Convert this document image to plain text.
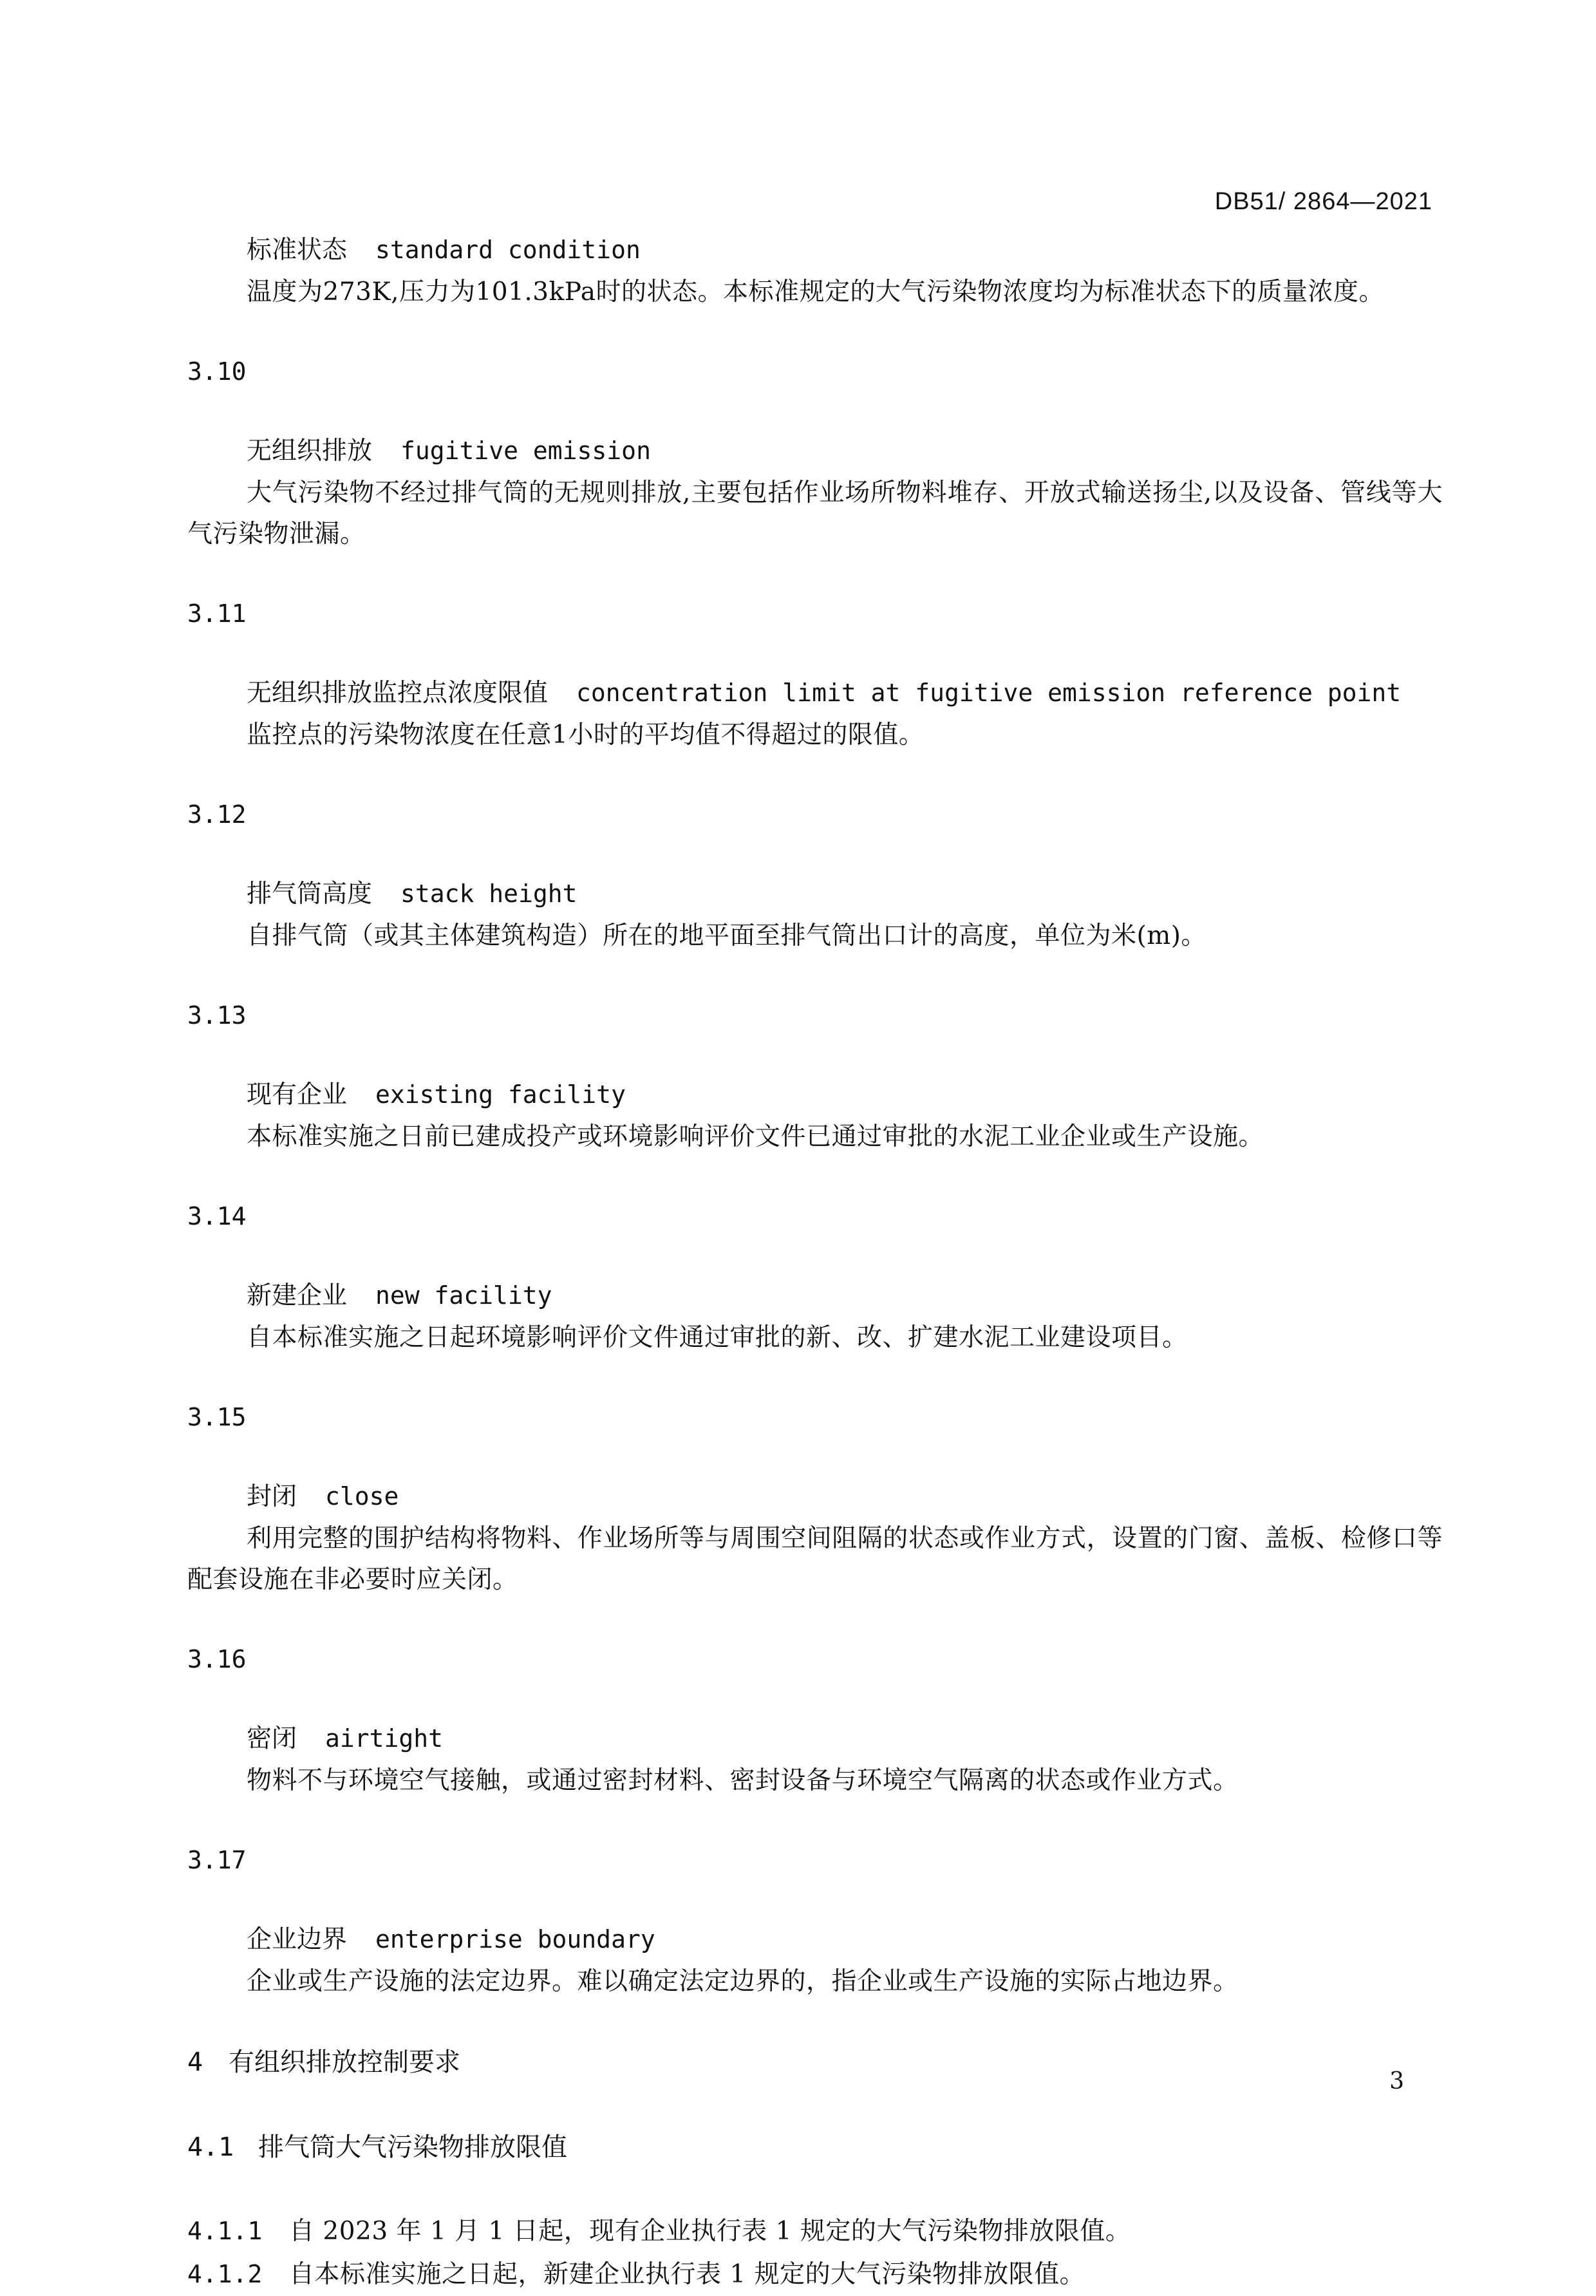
DB51/ 2864—2021
标准状态 standard condition

温度为273K,压力为101.3kPa时的状态。本标准规定的大气污染物浓度均为标准状态下的质量浓度。

3.10
无组织排放 fugitive emission

大气污染物不经过排气筒的无规则排放,主要包括作业场所物料堆存、开放式输送扬尘,以及设备、管线等大气污染物泄漏。

3.11
无组织排放监控点浓度限值 concentration limit at fugitive emission reference point

监控点的污染物浓度在任意1小时的平均值不得超过的限值。

3.12
排气筒高度 stack height

自排气筒（或其主体建筑构造）所在的地平面至排气筒出口计的高度，单位为米(m)。

3.13
现有企业 existing facility

本标准实施之日前已建成投产或环境影响评价文件已通过审批的水泥工业企业或生产设施。

3.14
新建企业 new facility

自本标准实施之日起环境影响评价文件通过审批的新、改、扩建水泥工业建设项目。

3.15
封闭 close

利用完整的围护结构将物料、作业场所等与周围空间阻隔的状态或作业方式，设置的门窗、盖板、检修口等配套设施在非必要时应关闭。

3.16
密闭 airtight

物料不与环境空气接触，或通过密封材料、密封设备与环境空气隔离的状态或作业方式。

3.17
企业边界 enterprise boundary

企业或生产设施的法定边界。难以确定法定边界的，指企业或生产设施的实际占地边界。

4 有组织排放控制要求
4.1 排气筒大气污染物排放限值
4.1.1 自 2023 年 1 月 1 日起，现有企业执行表 1 规定的大气污染物排放限值。
4.1.2 自本标准实施之日起，新建企业执行表 1 规定的大气污染物排放限值。
3
